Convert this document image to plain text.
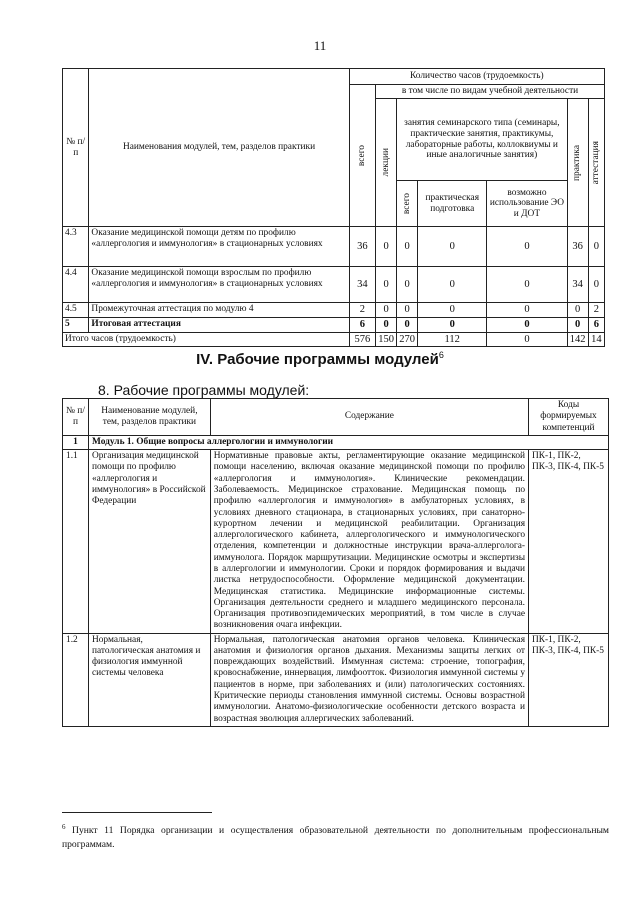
11
№ п/п	Наименования модулей, тем, разделов практики	Количество часов (трудоемкость)						

		всего	в том числе по видам учебной деятельности					

			лекции	занятия семинарского типа (семинары, практические занятия, практикумы, лабораторные работы, коллоквиумы и иные аналогичные занятия)			практика	аттестация

				всего	практическая подготовка	возможно использование ЭО и ДОТ		
4.3	Оказание медицинской помощи детям по профилю «аллергология и иммунология» в стационарных условиях	36	0	0	0	0	36	0
4.4	Оказание медицинской помощи взрослым по профилю «аллергология и иммунология» в стационарных условиях	34	0	0	0	0	34	0
4.5	Промежуточная аттестация по модулю 4	2	0	0	0	0	0	2
5	Итоговая аттестация	6	0	0	0	0	0	6
Итого часов (трудоемкость)		576	150	270	112	0	142	14
IV. Рабочие программы модулей$^6$
8. Рабочие программы модулей:
№ п/п	Наименование модулей, тем, разделов практики	Содержание	Коды формируемых компетенций
1	Модуль 1. Общие вопросы аллергологии и иммунологии		
1.1	Организация медицинской помощи по профилю «аллергология и иммунология» в Российской Федерации	Нормативные правовые акты, регламентирующие оказание медицинской помощи населению, включая оказание медицинской помощи по профилю «аллергология и иммунология». Клинические рекомендации. Заболеваемость. Медицинское страхование. Медицинская помощь по профилю «аллергология и иммунология» в амбулаторных условиях, в условиях дневного стационара, в стационарных условиях, при санаторно-курортном лечении и медицинской реабилитации. Организация аллергологического кабинета, аллергологического и иммунологического отделения, компетенции и должностные инструкции врача-аллерголога-иммунолога. Порядок маршрутизации. Медицинские осмотры и экспертизы в аллергологии и иммунологии. Сроки и порядок формирования и выдачи листка нетрудоспособности. Оформление медицинской документации. Медицинская статистика. Медицинские информационные системы. Организация деятельности среднего и младшего медицинского персонала. Организация противоэпидемических мероприятий, в том числе в случае возникновения очага инфекции.	ПК-1, ПК-2, ПК-3, ПК-4, ПК-5
1.2	Нормальная, патологическая анатомия и физиология иммунной системы человека	Нормальная, патологическая анатомия органов человека. Клиническая анатомия и физиология органов дыхания. Механизмы защиты легких от повреждающих воздействий. Иммунная система: строение, топография, кровоснабжение, иннервация, лимфоотток. Физиология иммунной системы у пациентов в норме, при заболеваниях и (или) патологических состояниях. Критические периоды становления иммунной системы. Основы возрастной иммунологии. Анатомо-физиологические особенности детского возраста и возрастная эволюция аллергических заболеваний.	ПК-1, ПК-2, ПК-3, ПК-4, ПК-5
$^6$ Пункт 11 Порядка организации и осуществления образовательной деятельности по дополнительным профессиональным программам.
